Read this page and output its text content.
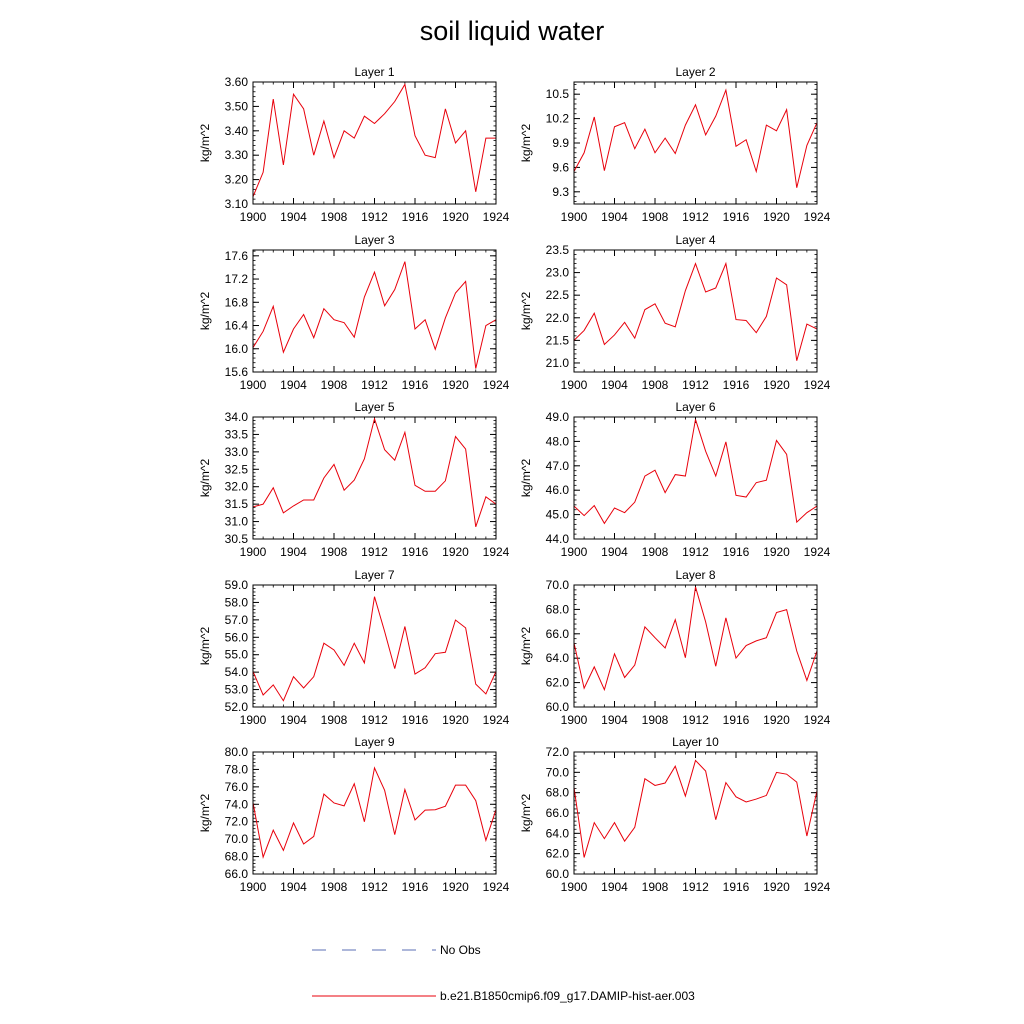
soil liquid water
Layer 1
kg/m^2
1900 1904 1908 1912 1916 1920 1924
3.10
3.20
3.30
3.40
3.50
3.60
Layer 2
kg/m^2
1900 1904 1908 1912 1916 1920 1924
9.3
9.6
9.9
10.2
10.5
Layer 3
kg/m^2
1900 1904 1908 1912 1916 1920 1924
15.6
16.0
16.4
16.8
17.2
17.6
Layer 4
kg/m^2
1900 1904 1908 1912 1916 1920 1924
21.0
21.5
22.0
22.5
23.0
23.5
Layer 5
kg/m^2
1900 1904 1908 1912 1916 1920 1924
30.5
31.0
31.5
32.0
32.5
33.0
33.5
34.0
Layer 6
kg/m^2
1900 1904 1908 1912 1916 1920 1924
44.0
45.0
46.0
47.0
48.0
49.0
Layer 7
kg/m^2
1900 1904 1908 1912 1916 1920 1924
52.0
53.0
54.0
55.0
56.0
57.0
58.0
59.0
Layer 8
kg/m^2
1900 1904 1908 1912 1916 1920 1924
60.0
62.0
64.0
66.0
68.0
70.0
Layer 9
kg/m^2
1900 1904 1908 1912 1916 1920 1924
66.0
68.0
70.0
72.0
74.0
76.0
78.0
80.0
Layer 10
kg/m^2
1900 1904 1908 1912 1916 1920 1924
60.0
62.0
64.0
66.0
68.0
70.0
72.0
No Obs
b.e21.B1850cmip6.f09_g17.DAMIP-hist-aer.003
